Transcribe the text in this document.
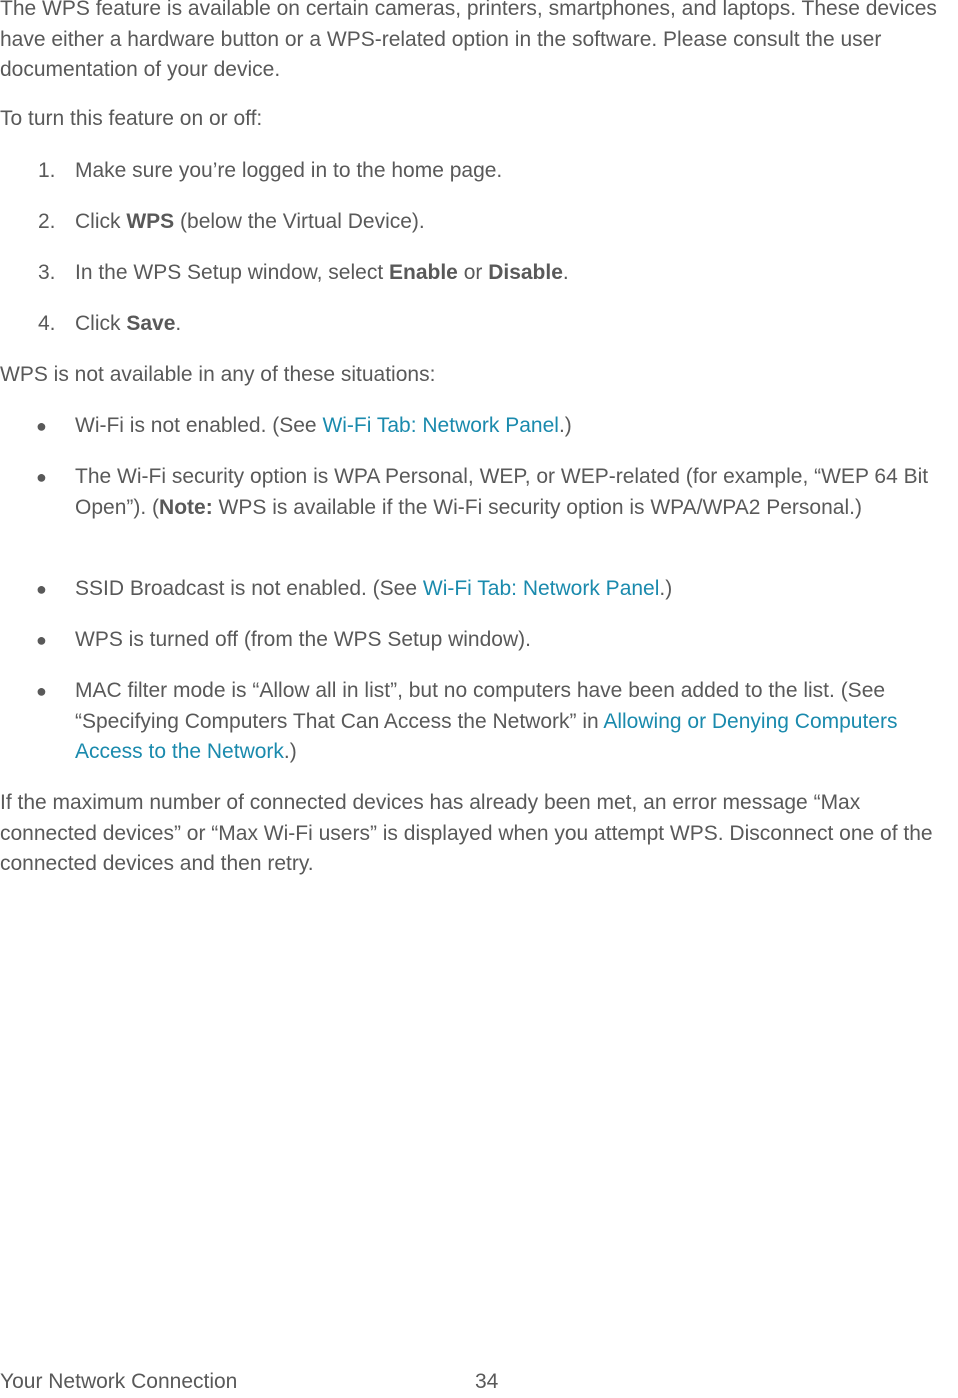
The WPS feature is available on certain cameras, printers, smartphones, and laptops. These devices have either a hardware button or a WPS-related option in the software. Please consult the user documentation of your device.

To turn this feature on or off:

1. Make sure you’re logged in to the home page.
2. Click WPS (below the Virtual Device).
3. In the WPS Setup window, select Enable or Disable.
4. Click Save.

WPS is not available in any of these situations:

● Wi-Fi is not enabled. (See Wi-Fi Tab: Network Panel.)
● The Wi-Fi security option is WPA Personal, WEP, or WEP-related (for example, “WEP 64 Bit Open”). (Note: WPS is available if the Wi-Fi security option is WPA/WPA2 Personal.)
● SSID Broadcast is not enabled. (See Wi-Fi Tab: Network Panel.)
● WPS is turned off (from the WPS Setup window).
● MAC filter mode is “Allow all in list”, but no computers have been added to the list. (See “Specifying Computers That Can Access the Network” in Allowing or Denying Computers Access to the Network.)

If the maximum number of connected devices has already been met, an error message “Max connected devices” or “Max Wi-Fi users” is displayed when you attempt WPS. Disconnect one of the connected devices and then retry.

Your Network Connection	34
